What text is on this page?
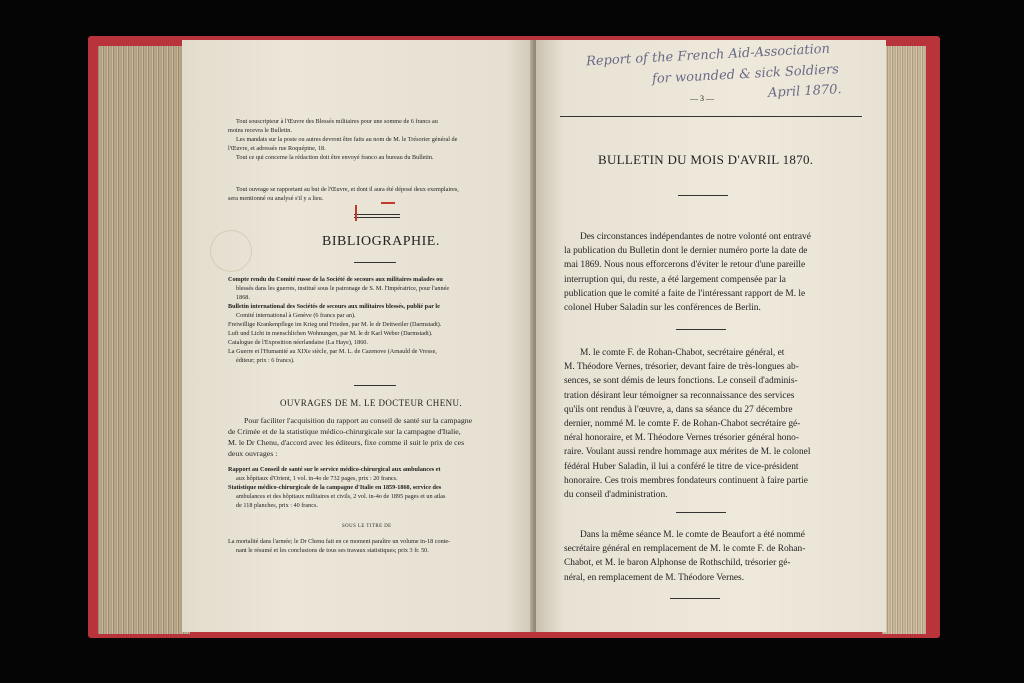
Tout souscripteur à l'Œuvre des Blessés militaires pour une somme de 6 francs au
moins recevra le Bulletin.
Les mandats sur la poste ou autres devront être faits au nom de M. le Trésorier général de
l'Œuvre, et adressés rue Roquépine, 18.
Tout ce qui concerne la rédaction doit être envoyé franco au bureau du Bulletin.
Tout ouvrage se rapportant au but de l'Œuvre, et dont il aura été déposé deux exemplaires,
sera mentionné ou analysé s'il y a lieu.
BIBLIOGRAPHIE.
Compte rendu du Comité russe de la Société de secours aux militaires malades ou
blessés dans les guerres, institué sous le patronage de S. M. l'Impératrice, pour l'année
1868.
Bulletin international des Sociétés de secours aux militaires blessés, publié par le
Comité international à Genève (6 francs par an).
Freiwillige Krankenpflege im Krieg und Frieden, par M. le dr Dettweiler (Darmstadt).
Luft und Licht in menschlichen Wohnungen, par M. le dr Karl Weber (Darmstadt).
Catalogue de l'Exposition néerlandaise (La Haye), 1860.
La Guerre et l'Humanité au XIXe siècle, par M. L. de Cazenove (Arnauld de Vresse,
éditeur; prix : 6 francs).
OUVRAGES DE M. LE DOCTEUR CHENU.
Pour faciliter l'acquisition du rapport au conseil de santé sur la campagne
de Crimée et de la statistique médico-chirurgicale sur la campagne d'Italie,
M. le Dr Chenu, d'accord avec les éditeurs, fixe comme il suit le prix de ces
deux ouvrages :
Rapport au Conseil de santé sur le service médico-chirurgical aux ambulances et
aux hôpitaux d'Orient, 1 vol. in-4o de 732 pages, prix : 20 francs.
Statistique médico-chirurgicale de la campagne d'Italie en 1859-1860, service des
ambulances et des hôpitaux militaires et civils, 2 vol. in-4o de 1895 pages et un atlas
de 118 planches, prix : 40 francs.
SOUS LE TITRE DE
La mortalité dans l'armée; le Dr Chenu fait en ce moment paraître un volume in-18 conte-
nant le résumé et les conclusions de tous ses travaux statistiques; prix 3 fr. 50.
Report of the French Aid-Association
for wounded & sick Soldiers
April 1870.
— 3 —
BULLETIN DU MOIS D'AVRIL 1870.
Des circonstances indépendantes de notre volonté ont entravé
la publication du Bulletin dont le dernier numéro porte la date de
mai 1869. Nous nous efforcerons d'éviter le retour d'une pareille
interruption qui, du reste, a été largement compensée par la
publication que le comité a faite de l'intéressant rapport de M. le
colonel Huber Saladin sur les conférences de Berlin.
M. le comte F. de Rohan-Chabot, secrétaire général, et
M. Théodore Vernes, trésorier, devant faire de très-longues ab-
sences, se sont démis de leurs fonctions. Le conseil d'adminis-
tration désirant leur témoigner sa reconnaissance des services
qu'ils ont rendus à l'œuvre, a, dans sa séance du 27 décembre
dernier, nommé M. le comte F. de Rohan-Chabot secrétaire gé-
néral honoraire, et M. Théodore Vernes trésorier général hono-
raire. Voulant aussi rendre hommage aux mérites de M. le colonel
fédéral Huber Saladin, il lui a conféré le titre de vice-président
honoraire. Ces trois membres fondateurs continuent à faire partie
du conseil d'administration.
Dans la même séance M. le comte de Beaufort a été nommé
secrétaire général en remplacement de M. le comte F. de Rohan-
Chabot, et M. le baron Alphonse de Rothschild, trésorier gé-
néral, en remplacement de M. Théodore Vernes.
